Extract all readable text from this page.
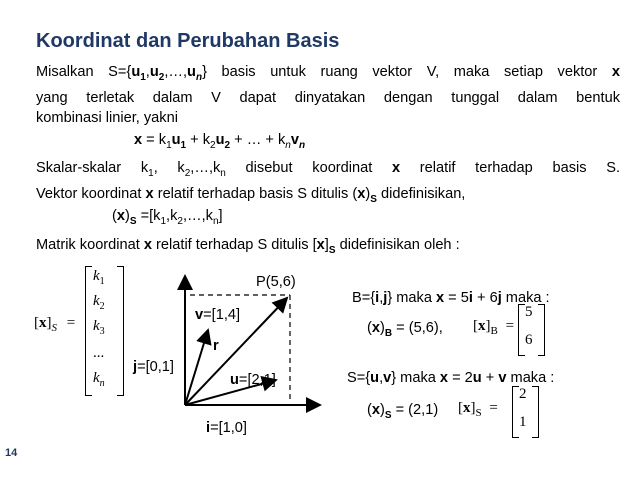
Koordinat dan Perubahan Basis
Misalkan $S=\{u_1,u_2,\dots,u_n\}$ basis untuk ruang vektor V, maka setiap vektor x
yang terletak dalam V dapat dinyatakan dengan tunggal dalam bentuk
kombinasi linier, yakni
$x = k_1u_1 + k_2u_2$ + … + $k_nv_n$
Skalar-skalar $k_1$, $k_2,\dots,k_n$ disebut koordinat x relatif terhadap basis S.
Vektor koordinat x relatif terhadap basis S ditulis $(x)_S$ didefinisikan,
$(x)_S$ $=[k_1,k_2,\dots,k_n]$
Matrik koordinat x relatif terhadap S ditulis $[x]_S$ didefinisikan oleh :
$[x]_S$ =
$k_1$
$k_2$
$k_3$
...
$k_n$
P(5,6)
v=[1,4]
r
j=[0,1]
u=[2,1]
i=[1,0]
B={i,j} maka x = 5i + 6j maka :
$(x)_B = (5,6)$, $[x]_B$ =
5
6
S={u,v} maka x = 2u + v maka :
$(x)_S = (2,1) [x]_S$ =
2
1
14
